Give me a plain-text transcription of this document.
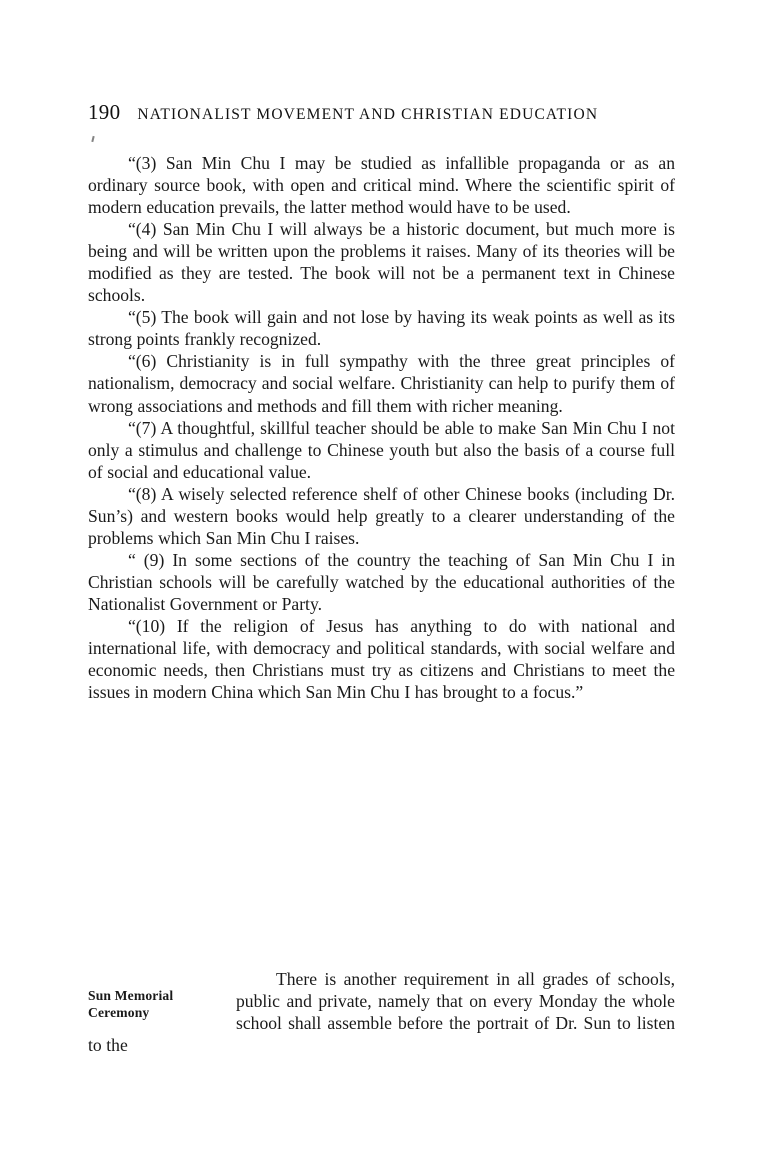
190 NATIONALIST MOVEMENT AND CHRISTIAN EDUCATION

“(3) San Min Chu I may be studied as infallible propaganda or as an ordinary source book, with open and critical mind. Where the scientific spirit of modern education prevails, the latter method would have to be used.

“(4) San Min Chu I will always be a historic document, but much more is being and will be written upon the problems it raises. Many of its theories will be modified as they are tested. The book will not be a permanent text in Chinese schools.

“(5) The book will gain and not lose by having its weak points as well as its strong points frankly recognized.

“(6) Christianity is in full sympathy with the three great principles of nationalism, democracy and social welfare. Christianity can help to purify them of wrong associations and methods and fill them with richer meaning.

“(7) A thoughtful, skillful teacher should be able to make San Min Chu I not only a stimulus and challenge to Chinese youth but also the basis of a course full of social and educational value.

“(8) A wisely selected reference shelf of other Chinese books (including Dr. Sun’s) and western books would help greatly to a clearer understanding of the problems which San Min Chu I raises.

“ (9) In some sections of the country the teaching of San Min Chu I in Christian schools will be carefully watched by the educational authorities of the Nationalist Government or Party.

“(10) If the religion of Jesus has anything to do with national and international life, with democracy and political standards, with social welfare and economic needs, then Christians must try as citizens and Christians to meet the issues in modern China which San Min Chu I has brought to a focus.”

Sun Memorial
Ceremony

There is another requirement in all grades of schools, public and private, namely that on every Monday the whole school shall assemble before the portrait of Dr. Sun to listen to the
